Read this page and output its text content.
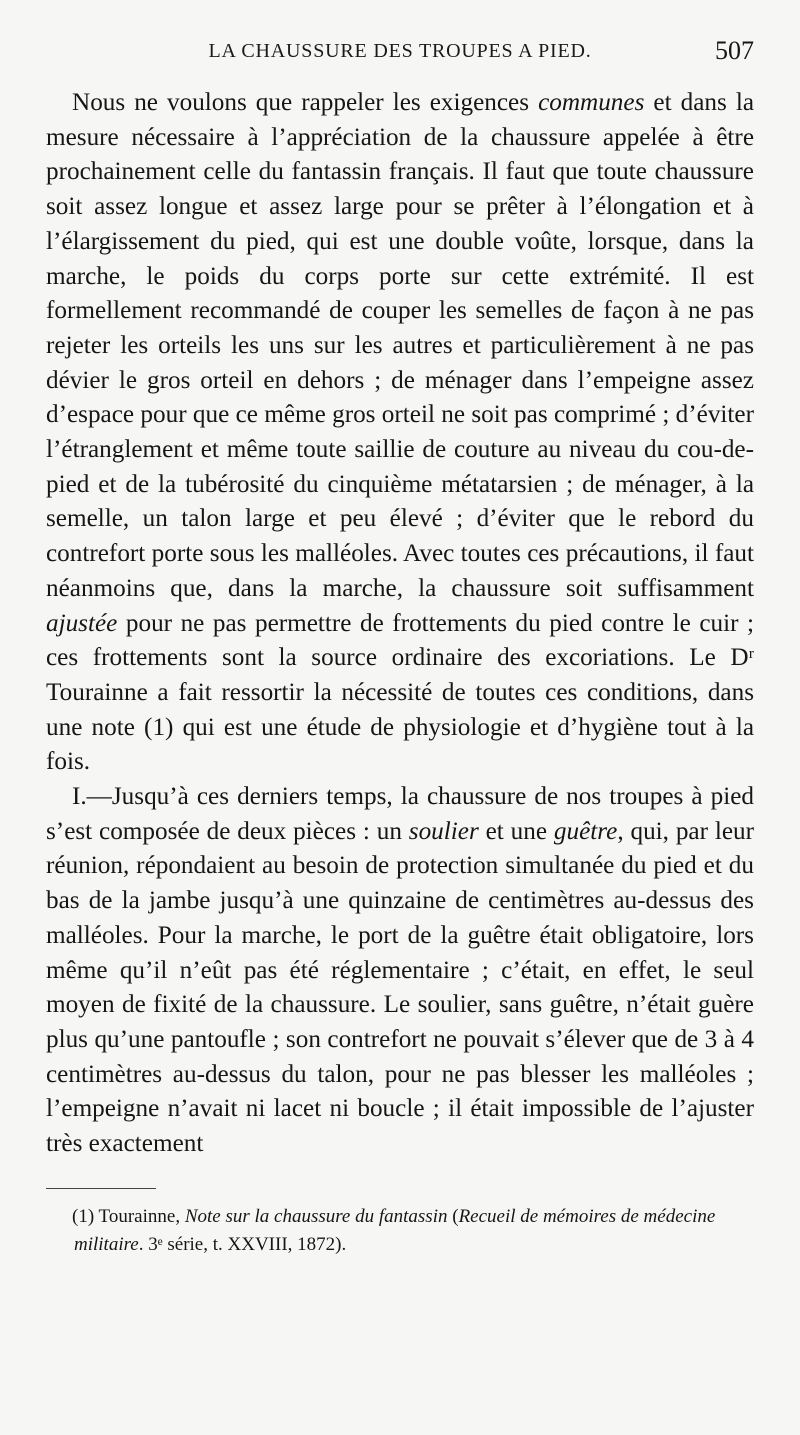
LA CHAUSSURE DES TROUPES A PIED.	507

Nous ne voulons que rappeler les exigences communes et dans la mesure nécessaire à l’appréciation de la chaussure appelée à être prochainement celle du fantassin français. Il faut que toute chaussure soit assez longue et assez large pour se prêter à l’élongation et à l’élargissement du pied, qui est une double voûte, lorsque, dans la marche, le poids du corps porte sur cette extrémité. Il est formellement recommandé de couper les semelles de façon à ne pas rejeter les orteils les uns sur les autres et particulièrement à ne pas dévier le gros orteil en dehors ; de ménager dans l’empeigne assez d’espace pour que ce même gros orteil ne soit pas comprimé ; d’éviter l’étranglement et même toute saillie de couture au niveau du cou-de-pied et de la tubérosité du cinquième métatarsien ; de ménager, à la semelle, un talon large et peu élevé ; d’éviter que le rebord du contrefort porte sous les malléoles. Avec toutes ces précautions, il faut néanmoins que, dans la marche, la chaussure soit suffisamment ajustée pour ne pas permettre de frottements du pied contre le cuir ; ces frottements sont la source ordinaire des excoriations. Le Dʳ Tourainne a fait ressortir la nécessité de toutes ces conditions, dans une note (1) qui est une étude de physiologie et d’hygiène tout à la fois.

I.—Jusqu’à ces derniers temps, la chaussure de nos troupes à pied s’est composée de deux pièces : un soulier et une guêtre, qui, par leur réunion, répondaient au besoin de protection simultanée du pied et du bas de la jambe jusqu’à une quinzaine de centimètres au-dessus des malléoles. Pour la marche, le port de la guêtre était obligatoire, lors même qu’il n’eût pas été réglementaire ; c’était, en effet, le seul moyen de fixité de la chaussure. Le soulier, sans guêtre, n’était guère plus qu’une pantoufle ; son contrefort ne pouvait s’élever que de 3 à 4 centimètres au-dessus du talon, pour ne pas blesser les malléoles ; l’empeigne n’avait ni lacet ni boucle ; il était impossible de l’ajuster très exactement

(1) Tourainne, Note sur la chaussure du fantassin (Recueil de mémoires de médecine militaire. 3ᵉ série, t. XXVIII, 1872).
